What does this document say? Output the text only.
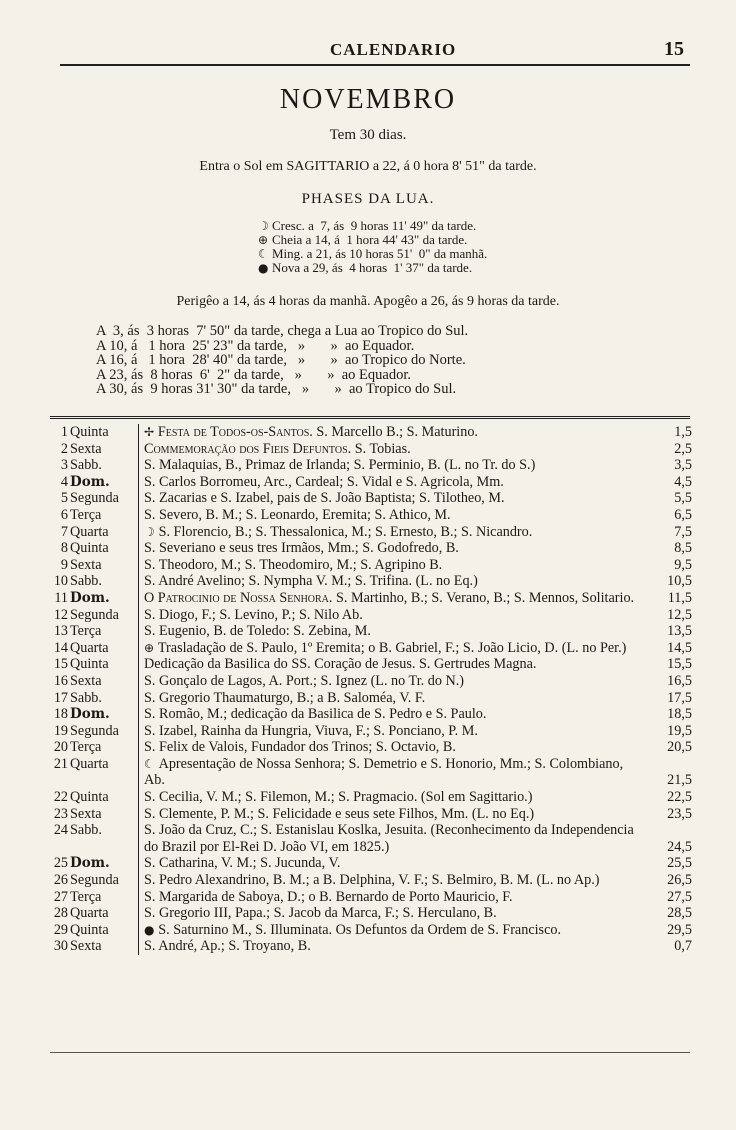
CALENDARIO	15
NOVEMBRO
Tem 30 dias.
Entra o Sol em SAGITTARIO a 22, á 0 hora 8' 51" da tarde.
PHASES DA LUA.
☽ Cresc. a  7, ás  9 horas 11' 49" da tarde.
⊕ Cheia a 14, á  1 hora 44' 43" da tarde.
☾ Ming. a 21, ás 10 horas 51'  0" da manhã.
● Nova a 29, ás  4 horas  1' 37" da tarde.
Perigêo a 14, ás 4 horas da manhã. Apogêo a 26, ás 9 horas da tarde.
A  3, ás  3 horas  7' 50" da tarde, chega a Lua ao Tropico do Sul.
A 10, á   1 hora  25' 23" da tarde,   »       »  ao Equador.
A 16, á   1 hora  28' 40" da tarde,   »       »  ao Tropico do Norte.
A 23, ás  8 horas  6'  2" da tarde,   »       »  ao Equador.
A 30, ás  9 horas 31' 30" da tarde,   »       »  ao Tropico do Sul.
1 Quinta	✢ Festa de Todos-os-Santos. S. Marcello B.; S. Maturino.	1,5
2 Sexta	Commemoração dos Fieis Defuntos. S. Tobias.	2,5
3 Sabb.	S. Malaquias, B., Primaz de Irlanda; S. Perminio, B. (L. no Tr. do S.)	3,5
4 Dom.	S. Carlos Borromeu, Arc., Cardeal; S. Vidal e S. Agricola, Mm.	4,5
5 Segunda	S. Zacarias e S. Izabel, pais de S. João Baptista; S. Tilotheo, M.	5,5
6 Terça	S. Severo, B. M.; S. Leonardo, Eremita; S. Athico, M.	6,5
7 Quarta	☽ S. Florencio, B.; S. Thessalonica, M.; S. Ernesto, B.; S. Nicandro.	7,5
8 Quinta	S. Severiano e seus tres Irmãos, Mm.; S. Godofredo, B.	8,5
9 Sexta	S. Theodoro, M.; S. Theodomiro, M.; S. Agripino B.	9,5
10 Sabb.	S. André Avelino; S. Nympha V. M.; S. Trifina. (L. no Eq.)	10,5
11 Dom.	O Patrocinio de Nossa Senhora. S. Martinho, B.; S. Verano, B.; S. Mennos, Solitario.	11,5
12 Segunda	S. Diogo, F.; S. Levino, P.; S. Nilo Ab.	12,5
13 Terça	S. Eugenio, B. de Toledo: S. Zebina, M.	13,5
14 Quarta	⊕ Trasladação de S. Paulo, 1º Eremita; o B. Gabriel, F.; S. João Licio, D. (L. no Per.)	14,5
15 Quinta	Dedicação da Basilica do SS. Coração de Jesus. S. Gertrudes Magna.	15,5
16 Sexta	S. Gonçalo de Lagos, A. Port.; S. Ignez (L. no Tr. do N.)	16,5
17 Sabb.	S. Gregorio Thaumaturgo, B.; a B. Saloméa, V. F.	17,5
18 Dom.	S. Romão, M.; dedicação da Basilica de S. Pedro e S. Paulo.	18,5
19 Segunda	S. Izabel, Rainha da Hungria, Viuva, F.; S. Ponciano, P. M.	19,5
20 Terça	S. Felix de Valois, Fundador dos Trinos; S. Octavio, B.	20,5
21 Quarta	☾ Apresentação de Nossa Senhora; S. Demetrio e S. Honorio, Mm.; S. Colombiano, Ab.	21,5
22 Quinta	S. Cecilia, V. M.; S. Filemon, M.; S. Pragmacio. (Sol em Sagittario.)	22,5
23 Sexta	S. Clemente, P. M.; S. Felicidade e seus sete Filhos, Mm. (L. no Eq.)	23,5
24 Sabb.	S. João da Cruz, C.; S. Estanislau Koslka, Jesuita. (Reconhecimento da Independencia do Brazil por El-Rei D. João VI, em 1825.)	24,5
25 Dom.	S. Catharina, V. M.; S. Jucunda, V.	25,5
26 Segunda	S. Pedro Alexandrino, B. M.; a B. Delphina, V. F.; S. Belmiro, B. M. (L. no Ap.)	26,5
27 Terça	S. Margarida de Saboya, D.; o B. Bernardo de Porto Mauricio, F.	27,5
28 Quarta	S. Gregorio III, Papa.; S. Jacob da Marca, F.; S. Herculano, B.	28,5
29 Quinta	● S. Saturnino M., S. Illuminata. Os Defuntos da Ordem de S. Francisco.	29,5
30 Sexta	S. André, Ap.; S. Troyano, B.	0,7
